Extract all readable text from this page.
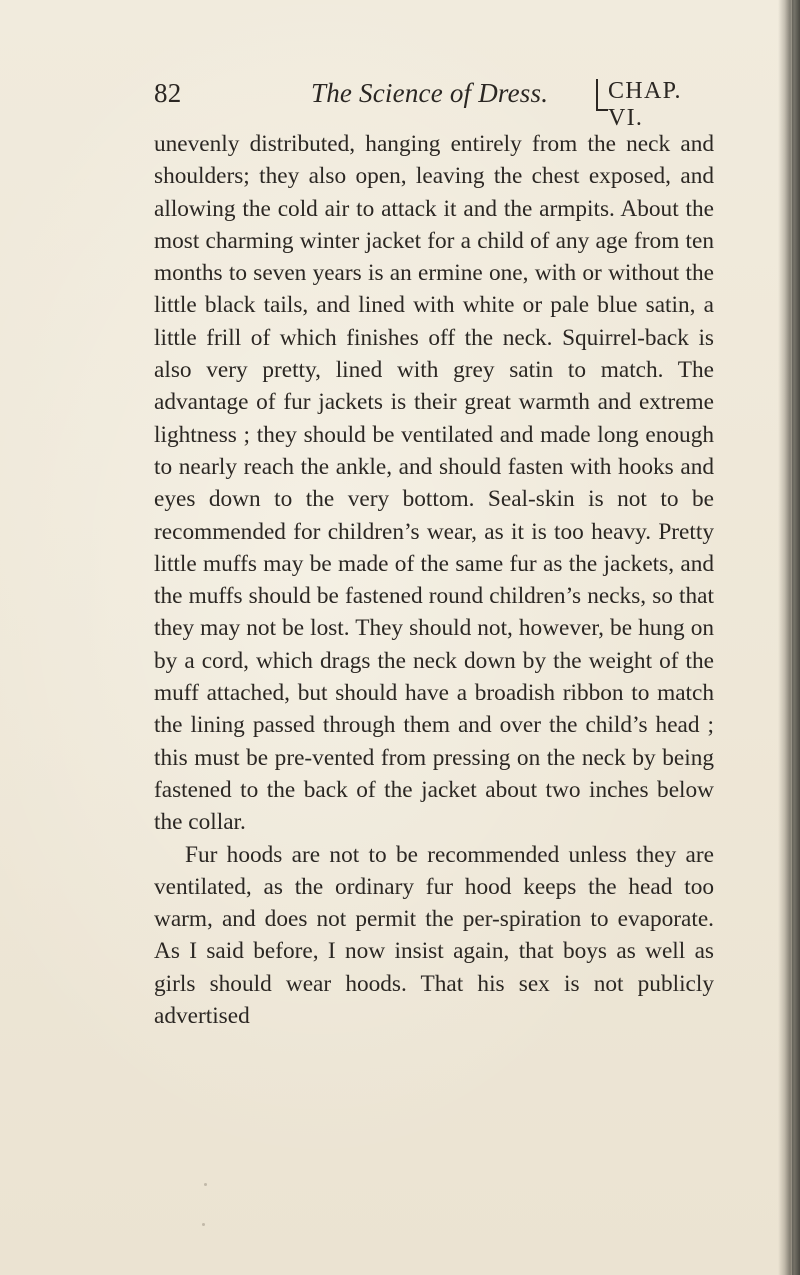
82	The Science of Dress. CHAP. VI.

unevenly distributed, hanging entirely from the neck and shoulders; they also open, leaving the chest exposed, and allowing the cold air to attack it and the armpits. About the most charming winter jacket for a child of any age from ten months to seven years is an ermine one, with or without the little black tails, and lined with white or pale blue satin, a little frill of which finishes off the neck. Squirrel-back is also very pretty, lined with grey satin to match. The advantage of fur jackets is their great warmth and extreme lightness ; they should be ventilated and made long enough to nearly reach the ankle, and should fasten with hooks and eyes down to the very bottom. Seal-skin is not to be recommended for children’s wear, as it is too heavy. Pretty little muffs may be made of the same fur as the jackets, and the muffs should be fastened round children’s necks, so that they may not be lost. They should not, however, be hung on by a cord, which drags the neck down by the weight of the muff attached, but should have a broadish ribbon to match the lining passed through them and over the child’s head ; this must be pre-vented from pressing on the neck by being fastened to the back of the jacket about two inches below the collar.

Fur hoods are not to be recommended unless they are ventilated, as the ordinary fur hood keeps the head too warm, and does not permit the per-spiration to evaporate. As I said before, I now insist again, that boys as well as girls should wear hoods. That his sex is not publicly advertised
